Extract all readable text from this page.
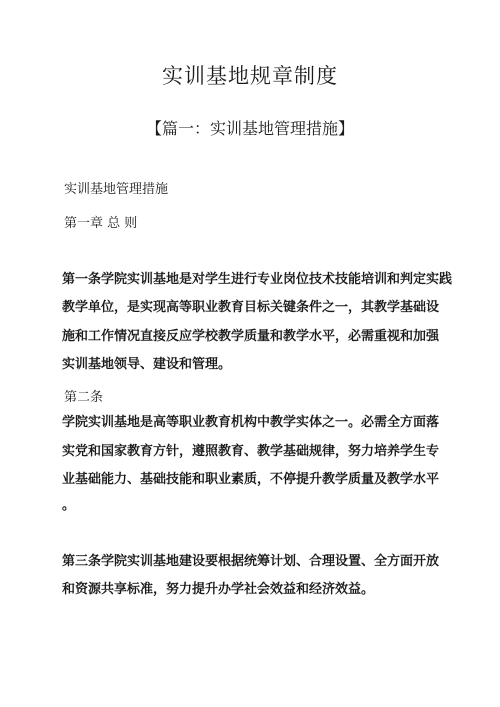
实训基地规章制度
【篇一：实训基地管理措施】

实训基地管理措施

第一章 总 则

第一条学院实训基地是对学生进行专业岗位技术技能培训和判定实践

教学单位，是实现高等职业教育目标关键条件之一，其教学基础设

施和工作情况直接反应学校教学质量和教学水平，必需重视和加强

实训基地领导、建设和管理。

第二条

学院实训基地是高等职业教育机构中教学实体之一。必需全方面落

实党和国家教育方针，遵照教育、教学基础规律，努力培养学生专

业基础能力、基础技能和职业素质，不停提升教学质量及教学水平

。

第三条学院实训基地建设要根据统筹计划、合理设置、全方面开放

和资源共享标准，努力提升办学社会效益和经济效益。
